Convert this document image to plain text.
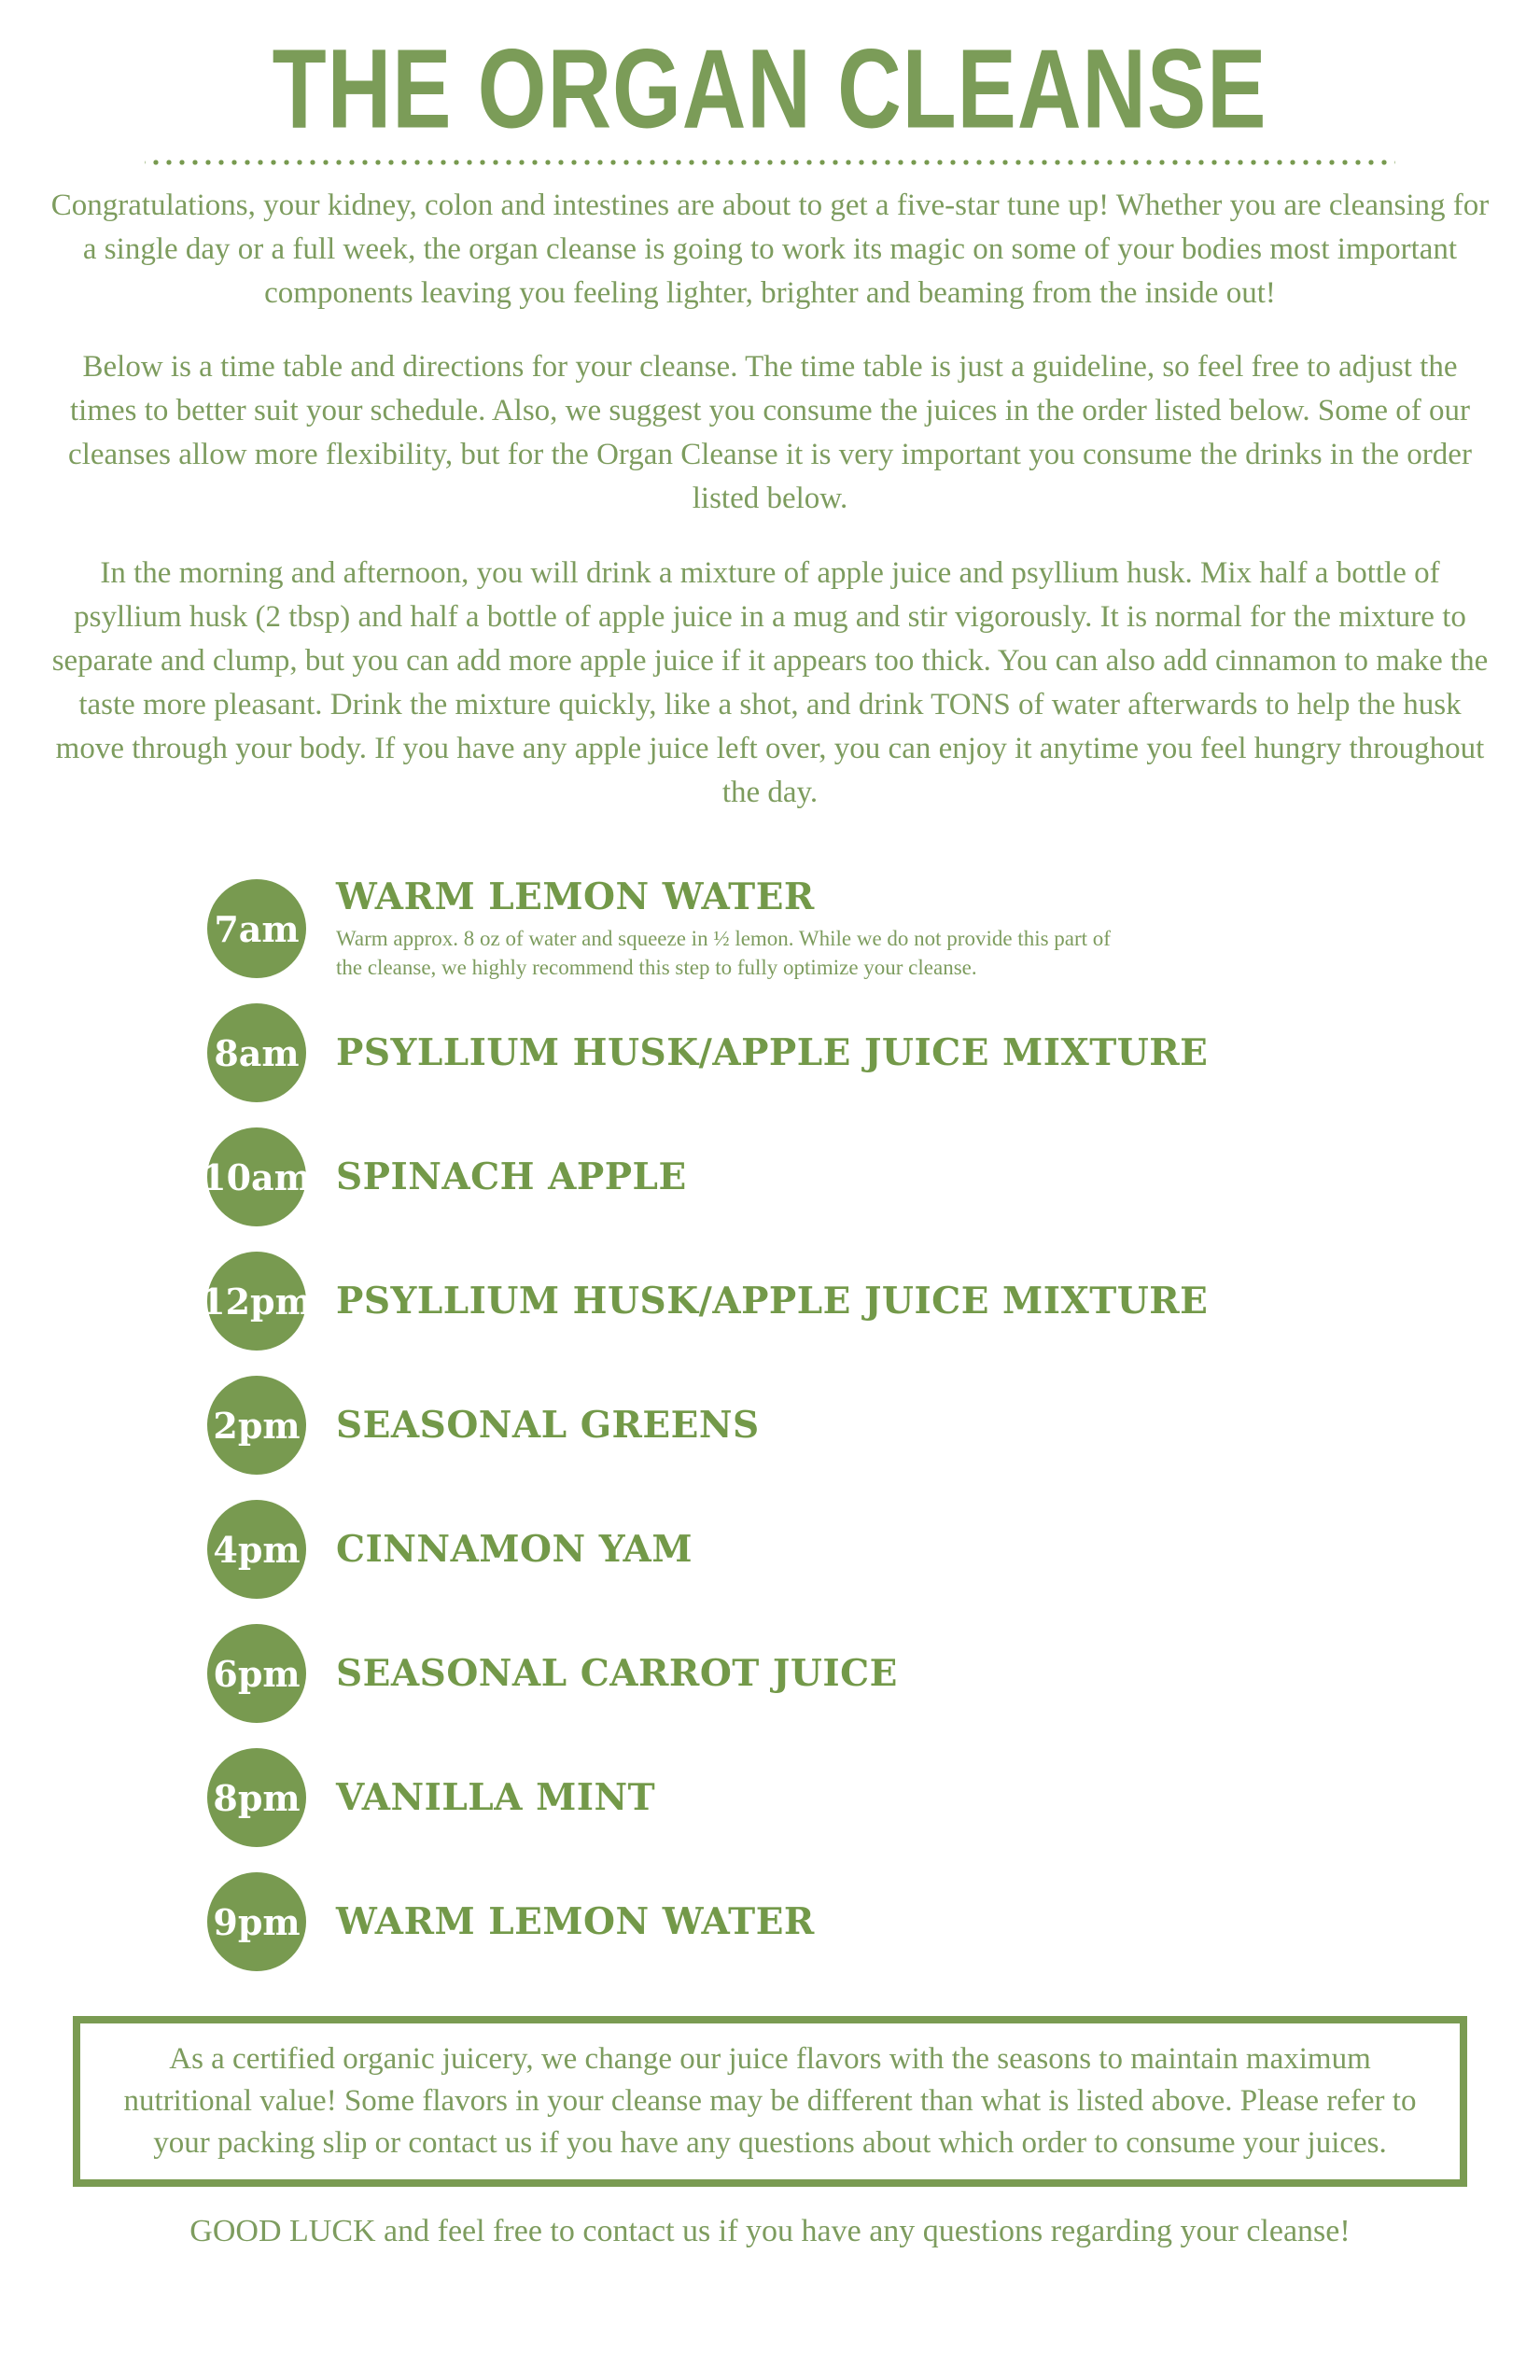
THE ORGAN CLEANSE

Congratulations, your kidney, colon and intestines are about to get a five-star tune up! Whether you are cleansing for a single day or a full week, the organ cleanse is going to work its magic on some of your bodies most important components leaving you feeling lighter, brighter and beaming from the inside out!

Below is a time table and directions for your cleanse. The time table is just a guideline, so feel free to adjust the times to better suit your schedule. Also, we suggest you consume the juices in the order listed below. Some of our cleanses allow more flexibility, but for the Organ Cleanse it is very important you consume the drinks in the order listed below.

In the morning and afternoon, you will drink a mixture of apple juice and psyllium husk. Mix half a bottle of psyllium husk (2 tbsp) and half a bottle of apple juice in a mug and stir vigorously. It is normal for the mixture to separate and clump, but you can add more apple juice if it appears too thick. You can also add cinnamon to make the taste more pleasant. Drink the mixture quickly, like a shot, and drink TONS of water afterwards to help the husk move through your body. If you have any apple juice left over, you can enjoy it anytime you feel hungry throughout the day.

7am
WARM LEMON WATER
Warm approx. 8 oz of water and squeeze in ½ lemon. While we do not provide this part of the cleanse, we highly recommend this step to fully optimize your cleanse.
8am PSYLLIUM HUSK/APPLE JUICE MIXTURE
10am SPINACH APPLE
12pm PSYLLIUM HUSK/APPLE JUICE MIXTURE
2pm SEASONAL GREENS
4pm CINNAMON YAM
6pm SEASONAL CARROT JUICE
8pm VANILLA MINT
9pm WARM LEMON WATER

As a certified organic juicery, we change our juice flavors with the seasons to maintain maximum nutritional value! Some flavors in your cleanse may be different than what is listed above. Please refer to your packing slip or contact us if you have any questions about which order to consume your juices.

GOOD LUCK and feel free to contact us if you have any questions regarding your cleanse!
